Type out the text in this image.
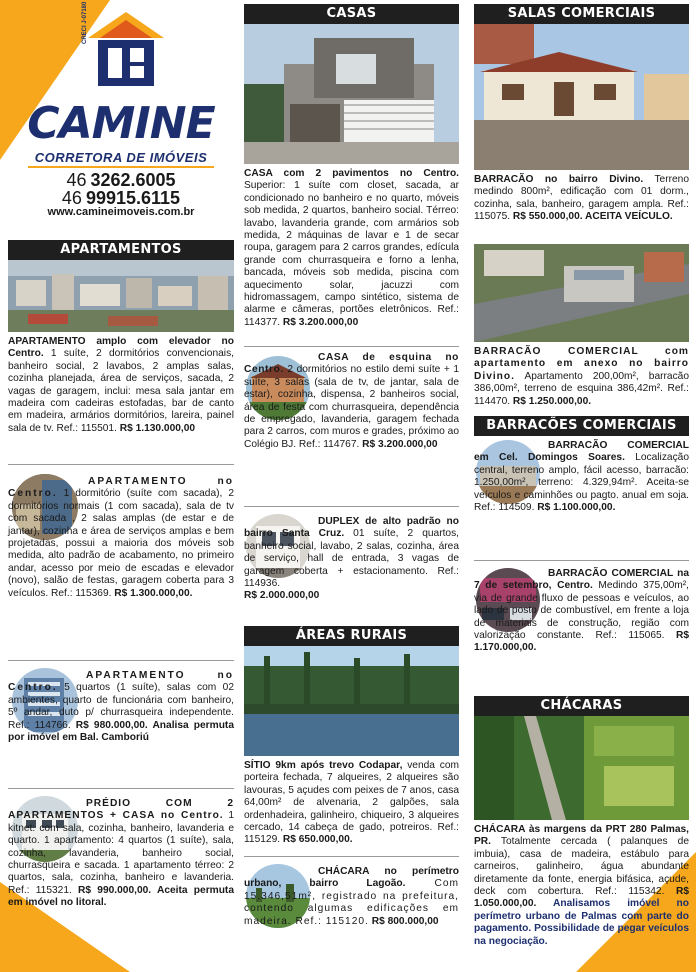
CRECI J-07180
CAMINE
CORRETORA DE IMÓVEIS
46 3262.6005
46 99915.6115
www.camineimoveis.com.br
APARTAMENTOS
APARTAMENTO amplo com elevador no Centro. 1 suíte, 2 dormitórios convencionais, banheiro social, 2 lavabos, 2 amplas salas, cozinha planejada, área de serviços, sacada, 2 vagas de garagem, inclui: mesa sala jantar em madeira com cadeiras estofadas, bar de canto em madeira, armários dormitórios, lareira, painel sala de tv. Ref.: 115501. R$ 1.130.000,00
APARTAMENTO no Centro. 1 dormitório (suíte com sacada), 2 dormitórios normais (1 com sacada), sala de tv com sacada , 2 salas amplas (de estar e de jantar), cozinha e área de serviços amplas e bem projetadas, possui a maioria dos móveis sob medida, alto padrão de acabamento, no primeiro andar, acesso por meio de escadas e elevador (novo), salão de festas, garagem coberta para 3 veículos. Ref.: 115369. R$ 1.300.000,00.
APARTAMENTO no Centro. 5 quartos (1 suíte), salas com 02 ambientes, quarto de funcionária com banheiro, 5º andar, duto p/ churrasqueira independente. Ref.: 114766. R$ 980.000,00. Analisa permuta por imóvel em Bal. Camboriú
PRÉDIO COM 2 APARTAMENTOS + CASA no Centro. 1 kitnet: com sala, cozinha, banheiro, lavanderia e quarto. 1 apartamento: 4 quartos (1 suíte), sala, cozinha, lavanderia, banheiro social, churrasqueira e sacada. 1 apartamento térreo: 2 quartos, sala, cozinha, banheiro e lavanderia. Ref.: 115321. R$ 990.000,00. Aceita permuta em imóvel no litoral.
CASAS
CASA com 2 pavimentos no Centro. Superior: 1 suíte com closet, sacada, ar condicionado no banheiro e no quarto, móveis sob medida, 2 quartos, banheiro social. Térreo: lavabo, lavanderia grande, com armários sob medida, 2 máquinas de lavar e 1 de secar roupa, garagem para 2 carros grandes, edícula grande com churrasqueira e forno a lenha, bancada, móveis sob medida, piscina com aquecimento solar, jacuzzi com hidromassagem, campo sintético, sistema de alarme e câmeras, portões eletrônicos. Ref.: 114377. R$ 3.200.000,00
CASA de esquina no Centro. 2 dormitórios no estilo demi suíte + 1 suíte, 3 salas (sala de tv, de jantar, sala de estar), cozinha, dispensa, 2 banheiros social, área de festa com churrasqueira, dependência de empregado, lavanderia, garagem fechada para 2 carros, com muros e grades, próximo ao Colégio BJ. Ref.: 114767. R$ 3.200.000,00
DUPLEX de alto padrão no bairro Santa Cruz. 01 suíte, 2 quartos, banheiro social, lavabo, 2 salas, cozinha, área de serviço, hall de entrada, 3 vagas de garagem coberta + estacionamento. Ref.: 114936.
R$ 2.000.000,00
ÁREAS RURAIS
SÍTIO 9km após trevo Codapar, venda com porteira fechada, 7 alqueires, 2 alqueires são lavouras, 5 açudes com peixes de 7 anos, casa 64,00m² de alvenaria, 2 galpões, sala ordenhadeira, galinheiro, chiqueiro, 3 alqueires cercado, 14 cabeça de gado, potreiros. Ref.: 115129. R$ 650.000,00.
CHÁCARA no perímetro urbano, bairro Lagoão. Com 15.346,51m², registrado na prefeitura, contendo algumas edificações em madeira. Ref.: 115120. R$ 800.000,00
SALAS COMERCIAIS
BARRACÃO no bairro Divino. Terreno medindo 800m², edificação com 01 dorm., cozinha, sala, banheiro, garagem ampla. Ref.: 115075. R$ 550.000,00. ACEITA VEÍCULO.
BARRACÃO COMERCIAL com apartamento em anexo no bairro Divino. Apartamento 200,00m², barracão 386,00m², terreno de esquina 386,42m². Ref.: 114470. R$ 1.250.000,00.
BARRACÕES COMERCIAIS
BARRACÃO COMERCIAL em Cel. Domingos Soares. Localização central, terreno amplo, fácil acesso, barracão: 1.250,00m², terreno: 4.329,94m². Aceita-se veículos e caminhões ou pagto. anual em soja. Ref.: 114509. R$ 1.100.000,00.
BARRACÃO COMERCIAL na 7 de setembro, Centro. Medindo 375,00m², via de grande fluxo de pessoas e veículos, ao lado de posto de combustível, em frente a loja de materiais de construção, região com valorização constante. Ref.: 115065. R$ 1.170.000,00.
CHÁCARAS
CHÁCARA às margens da PRT 280 Palmas, PR. Totalmente cercada ( palanques de imbuia), casa de madeira, estábulo para carneiros, galinheiro, água abundante diretamente da fonte, energia bifásica, açude, deck com cobertura. Ref.: 115342. R$ 1.050.000,00. Analisamos imóvel no perímetro urbano de Palmas com parte do pagamento. Possibilidade de pegar veículos na negociação.
